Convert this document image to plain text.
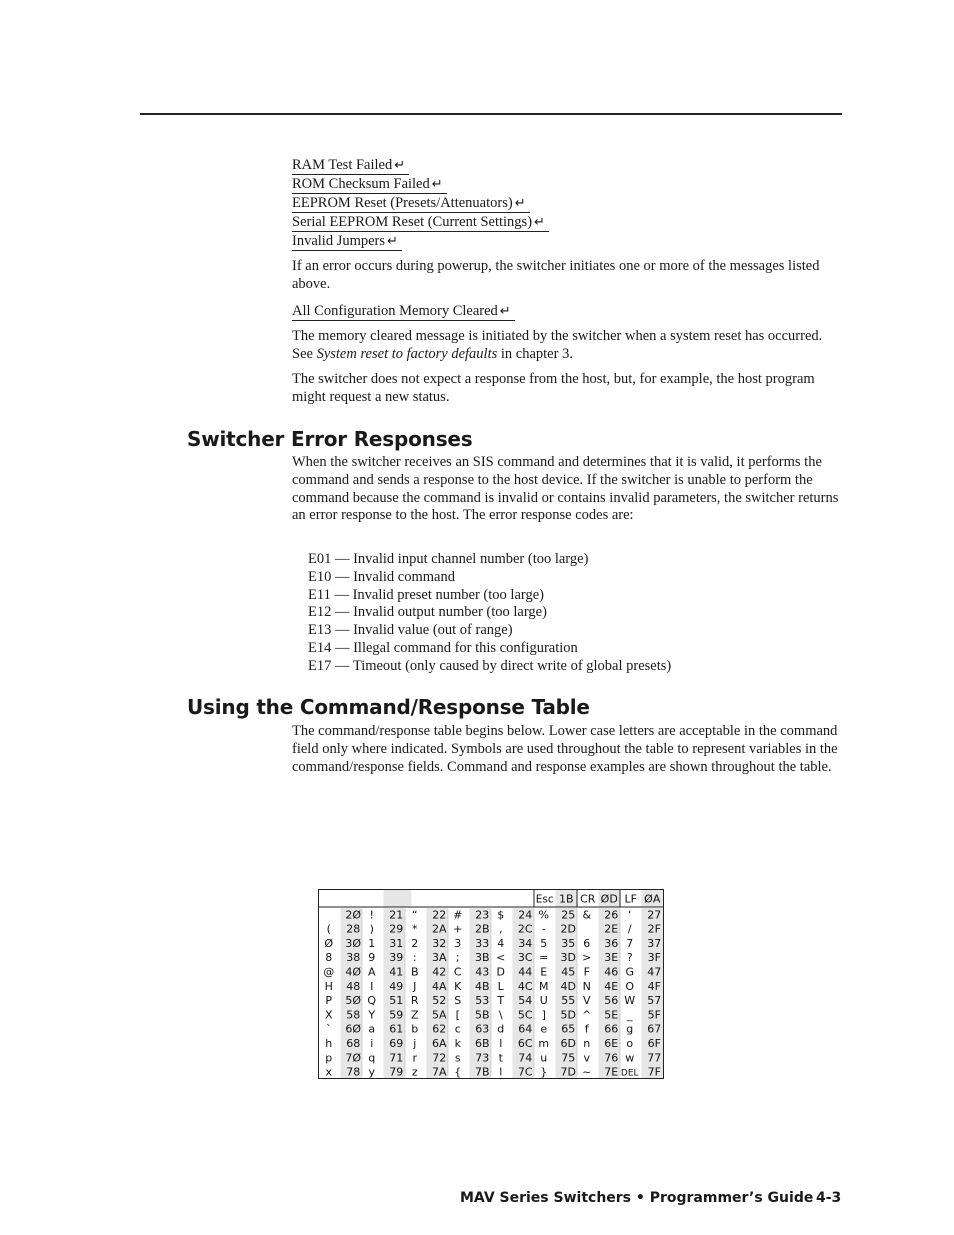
RAM Test Failed ↵
ROM Checksum Failed ↵
EEPROM Reset (Presets/Attenuators) ↵
Serial EEPROM Reset (Current Settings) ↵
Invalid Jumpers ↵
If an error occurs during powerup, the switcher initiates one or more of the messages listed above.
All Configuration Memory Cleared ↵
The memory cleared message is initiated by the switcher when a system reset has occurred. See System reset to factory defaults in chapter 3.
The switcher does not expect a response from the host, but, for example, the host program might request a new status.
Switcher Error Responses
When the switcher receives an SIS command and determines that it is valid, it performs the command and sends a response to the host device. If the switcher is unable to perform the command because the command is invalid or contains invalid parameters, the switcher returns an error response to the host. The error response codes are:
E01 — Invalid input channel number (too large)
E10 — Invalid command
E11 — Invalid preset number (too large)
E12 — Invalid output number (too large)
E13 — Invalid value (out of range)
E14 — Illegal command for this configuration
E17 — Timeout (only caused by direct write of global presets)
Using the Command/Response Table
The command/response table begins below. Lower case letters are acceptable in the command field only where indicated. Symbols are used throughout the table to represent variables in the command/response fields. Command and response examples are shown throughout the table.
Esc 1B CR ØD LF ØA
2Ø ! 21 “ 22 # 23 $ 24 % 25 & 26 ‘ 27
( 28 ) 29 * 2A + 2B , 2C - 2D	2E / 2F
Ø 3Ø 1 31 2 32 3 33 4 34 5 35 6 36 7 37
8 38 9 39 : 3A ; 3B < 3C = 3D > 3E ? 3F
@ 4Ø A 41 B 42 C 43 D 44 E 45 F 46 G 47
H 48 I 49 J 4A K 4B L 4C M 4D N 4E O 4F
P 5Ø Q 51 R 52 S 53 T 54 U 55 V 56 W 57
X 58 Y 59 Z 5A [ 5B \ 5C ] 5D ^ 5E _ 5F
` 6Ø a 61 b 62 c 63 d 64 e 65 f 66 g 67
h 68 i 69 j 6A k 6B l 6C m 6D n 6E o 6F
p 7Ø q 71 r 72 s 73 t 74 u 75 v 76 w 77
x 78 y 79 z 7A { 7B l 7C } 7D ~ 7E DEL 7F
MAV Series Switchers • Programmer’s Guide 4-3
